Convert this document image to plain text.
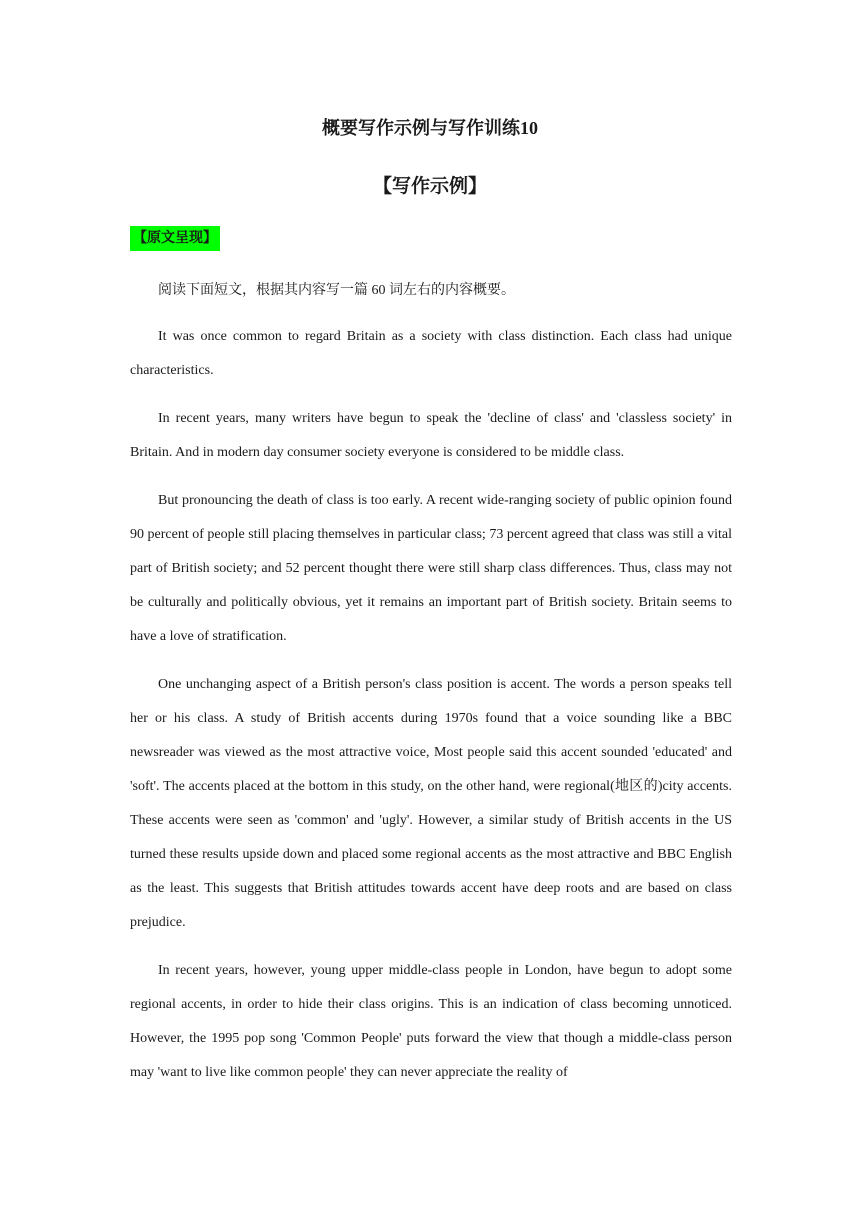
概要写作示例与写作训练10
【写作示例】
【原文呈现】

阅读下面短文，根据其内容写一篇 60 词左右的内容概要。

It was once common to regard Britain as a society with class distinction. Each class had unique characteristics.

In recent years, many writers have begun to speak the 'decline of class' and 'classless society' in Britain. And in modern day consumer society everyone is considered to be middle class.

But pronouncing the death of class is too early. A recent wide-ranging society of public opinion found 90 percent of people still placing themselves in particular class; 73 percent agreed that class was still a vital part of British society; and 52 percent thought there were still sharp class differences. Thus, class may not be culturally and politically obvious, yet it remains an important part of British society. Britain seems to have a love of stratification.

One unchanging aspect of a British person's class position is accent. The words a person speaks tell her or his class. A study of British accents during 1970s found that a voice sounding like a BBC newsreader was viewed as the most attractive voice, Most people said this accent sounded 'educated' and 'soft'. The accents placed at the bottom in this study, on the other hand, were regional(地区的)city accents. These accents were seen as 'common' and 'ugly'. However, a similar study of British accents in the US turned these results upside down and placed some regional accents as the most attractive and BBC English as the least. This suggests that British attitudes towards accent have deep roots and are based on class prejudice.

In recent years, however, young upper middle-class people in London, have begun to adopt some regional accents, in order to hide their class origins. This is an indication of class becoming unnoticed. However, the 1995 pop song 'Common People' puts forward the view that though a middle-class person may 'want to live like common people' they can never appreciate the reality of
